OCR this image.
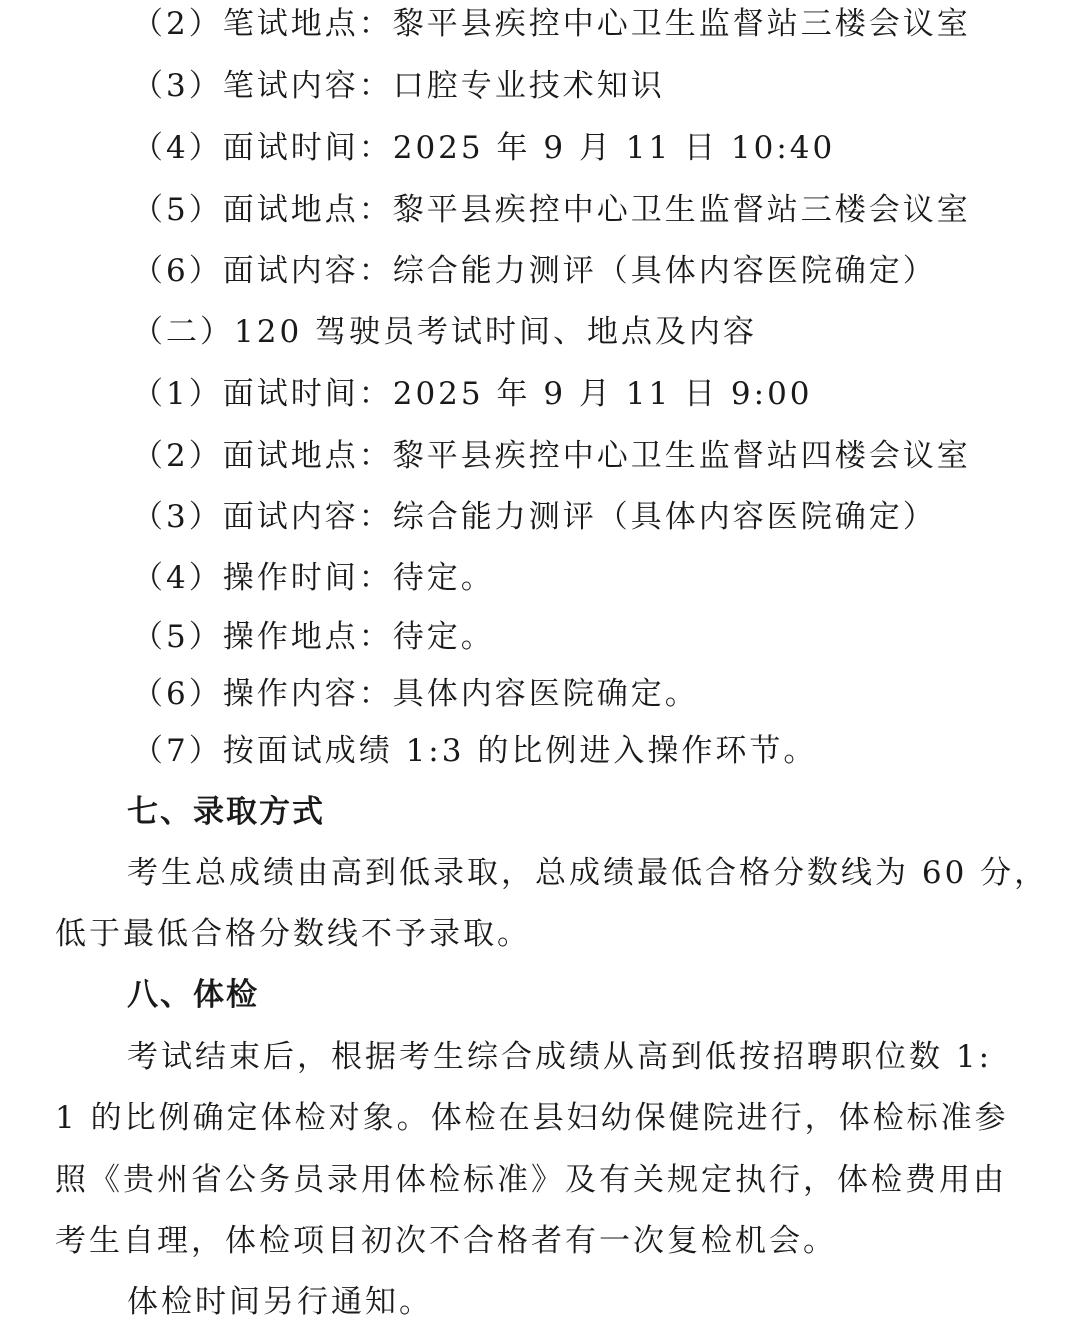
（2）笔试地点：黎平县疾控中心卫生监督站三楼会议室
（3）笔试内容：口腔专业技术知识
（4）面试时间：2025 年 9 月 11 日 10:40
（5）面试地点：黎平县疾控中心卫生监督站三楼会议室
（6）面试内容：综合能力测评（具体内容医院确定）
（二）120 驾驶员考试时间、地点及内容
（1）面试时间：2025 年 9 月 11 日 9:00
（2）面试地点：黎平县疾控中心卫生监督站四楼会议室
（3）面试内容：综合能力测评（具体内容医院确定）
（4）操作时间：待定。
（5）操作地点：待定。
（6）操作内容：具体内容医院确定。
（7）按面试成绩 1:3 的比例进入操作环节。
七、录取方式
考生总成绩由高到低录取，总成绩最低合格分数线为 60 分，
低于最低合格分数线不予录取。
八、体检
考试结束后，根据考生综合成绩从高到低按招聘职位数 1:
1 的比例确定体检对象。体检在县妇幼保健院进行，体检标准参
照《贵州省公务员录用体检标准》及有关规定执行，体检费用由
考生自理，体检项目初次不合格者有一次复检机会。
体检时间另行通知。
